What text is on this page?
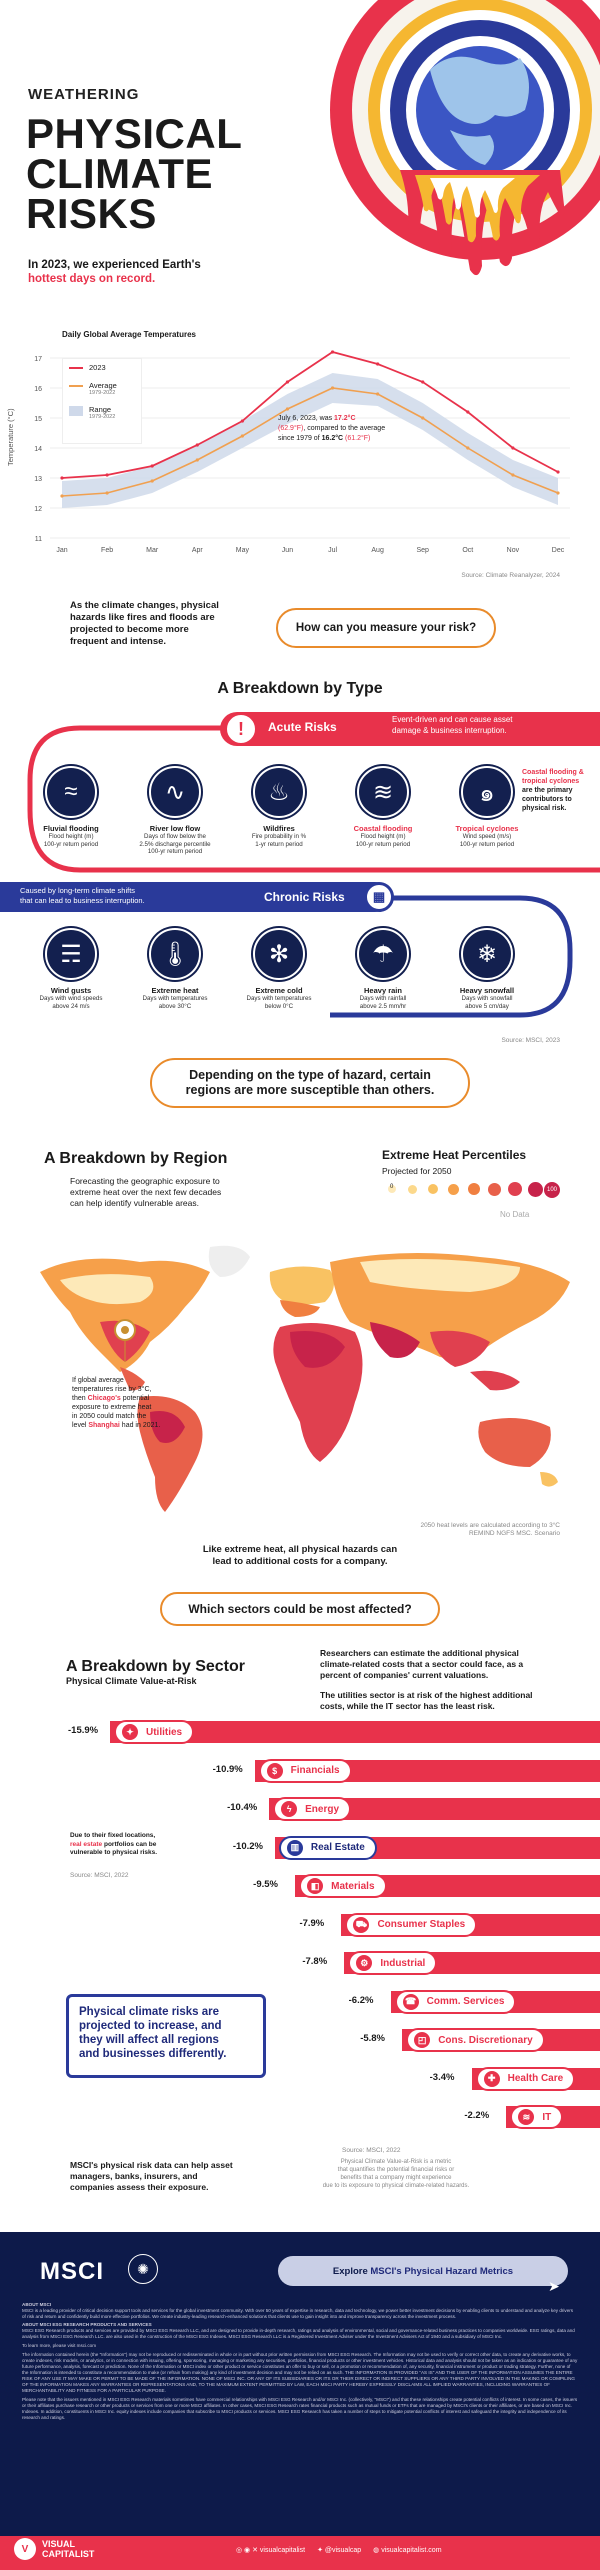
WEATHERING
PHYSICAL
CLIMATE
RISKS
In 2023, we experienced Earth's
hottest days on record.
Daily Global Average Temperatures
Temperature (°C)
11
12
13
14
15
16
17
Jan	Feb	Mar	Apr	May	Jun	Jul	Aug	Sep	Oct	Nov	Dec
2023
Average
1979-2022
Range
1979-2022	July 6, 2023, was 17.2°C
(62.9°F), compared to the average
since 1979 of 16.2°C (61.2°F)
Source: Climate Reanalyzer, 2024
As the climate changes, physical
hazards like fires and floods are
projected to become more
frequent and intense.
How can you measure your risk?
A Breakdown by Type
!	Acute Risks
Event-driven and can cause asset
damage & business interruption.
Coastal flooding &
tropical cyclones
are the primary
contributors to
physical risk.
≈
Fluvial flooding
Flood height (m)
100-yr return period
∿
River low flow
Days of flow below the
2.5% discharge percentile
100-yr return period
♨
Wildfires
Fire probability in %
1-yr return period
≋
Coastal flooding
Flood height (m)
100-yr return period
๑
Tropical cyclones
Wind speed (m/s)
100-yr return period
Caused by long-term climate shifts
that can lead to business interruption.	Chronic Risks	▦
☴
Wind gusts
Days with wind speeds
above 24 m/s
🌡
Extreme heat
Days with temperatures
above 30°C
✻
Extreme cold
Days with temperatures
below 0°C
☂
Heavy rain
Days with rainfall
above 2.5 mm/hr
❄
Heavy snowfall
Days with snowfall
above 5 cm/day
Source: MSCI, 2023
Depending on the type of hazard, certain
regions are more susceptible than others.
A Breakdown by Region
Forecasting the geographic exposure to
extreme heat over the next few decades
can help identify vulnerable areas.
Extreme Heat Percentiles
Projected for 2050
0	100
No Data
If global average
temperatures rise by 3°C,
then Chicago's potential
exposure to extreme heat
in 2050 could match the
level Shanghai had in 2021.
2050 heat levels are calculated according to 3°C
REMIND NGFS MSC. Scenario
Like extreme heat, all physical hazards can
lead to additional costs for a company.
Which sectors could be most affected?
A Breakdown by Sector
Physical Climate Value-at-Risk
Researchers can estimate the additional physical
climate-related costs that a sector could face, as a
percent of companies' current valuations.
The utilities sector is at risk of the highest additional
costs, while the IT sector has the least risk.
✦	Utilities
-15.9%
$	Financials
-10.9%
ϟ	Energy
-10.4%
▥	Real Estate
-10.2%
◧	Materials
-9.5%
⛟ Consumer Staples
-7.9%
⚙	Industrial
-7.8%
☎ Comm. Services
-6.2%
◰	Cons. Discretionary
-5.8%
✚	Health Care
-3.4%
≋	IT
-2.2%
Due to their fixed locations,
real estate portfolios can be
vulnerable to physical risks.
Source: MSCI, 2022
Physical climate risks are
projected to increase, and
they will affect all regions
and businesses differently.
Source: MSCI, 2022
Physical Climate Value-at-Risk is a metric
that quantifies the potential financial risks or
benefits that a company might experience
due to its exposure to physical climate-related hazards.
MSCI's physical risk data can help asset
managers, banks, insurers, and
companies assess their exposure.
MSCI	✺	Explore
MSCI's Physical Hazard Metrics
➤
ABOUT MSCI
MSCI is a leading provider of critical decision support tools and services for the global investment community. With over 50 years of expertise in research, data and technology, we power better investment decisions by enabling clients to understand and analyze key drivers of risk and return and confidently build more effective portfolios. We create industry-leading research-enhanced solutions that clients use to gain insight into and improve transparency across the investment process.
ABOUT MSCI ESG RESEARCH PRODUCTS AND SERVICES
MSCI ESG Research products and services are provided by MSCI ESG Research LLC, and are designed to provide in-depth research, ratings and analysis of environmental, social and governance-related business practices to companies worldwide. ESG ratings, data and analysis from MSCI ESG Research LLC. are also used in the construction of the MSCI ESG Indexes. MSCI ESG Research LLC is a Registered Investment Adviser under the Investment Advisers Act of 1940 and a subsidiary of MSCI Inc.
To learn more, please visit msci.com
The information contained herein (the "Information") may not be reproduced or redisseminated in whole or in part without prior written permission from MSCI ESG Research. The Information may not be used to verify or correct other data, to create any derivative works, to create indexes, risk models, or analytics, or in connection with issuing, offering, sponsoring, managing or marketing any securities, portfolios, financial products or other investment vehicles. Historical data and analysis should not be taken as an indication or guarantee of any future performance, analysis, forecast or prediction. None of the Information or MSCI index or other product or service constitutes an offer to buy or sell, or a promotion or recommendation of, any security, financial instrument or product or trading strategy. Further, none of the Information is intended to constitute a recommendation to make (or refrain from making) any kind of investment decision and may not be relied on as such. THE INFORMATION IS PROVIDED "AS IS" AND THE USER OF THE INFORMATION ASSUMES THE ENTIRE RISK OF ANY USE IT MAY MAKE OR PERMIT TO BE MADE OF THE INFORMATION. NONE OF MSCI INC. OR ANY OF ITS SUBSIDIARIES OR ITS OR THEIR DIRECT OR INDIRECT SUPPLIERS OR ANY THIRD PARTY INVOLVED IN THE MAKING OR COMPILING OF THE INFORMATION MAKES ANY WARRANTIES OR REPRESENTATIONS AND, TO THE MAXIMUM EXTENT PERMITTED BY LAW, EACH MSCI PARTY HEREBY EXPRESSLY DISCLAIMS ALL IMPLIED WARRANTIES, INCLUDING WARRANTIES OF MERCHANTABILITY AND FITNESS FOR A PARTICULAR PURPOSE.
Please note that the issuers mentioned in MSCI ESG Research materials sometimes have commercial relationships with MSCI ESG Research and/or MSCI Inc. (collectively, "MSCI") and that these relationships create potential conflicts of interest. In some cases, the issuers or their affiliates purchase research or other products or services from one or more MSCI affiliates. In other cases, MSCI ESG Research rates financial products such as mutual funds or ETFs that are managed by MSCI's clients or their affiliates, or are based on MSCI Inc. Indexes. In addition, constituents in MSCI Inc. equity indexes include companies that subscribe to MSCI products or services. MSCI ESG Research has taken a number of steps to mitigate potential conflicts of interest and safeguard the integrity and independence of its research and ratings.
V	VISUAL
CAPITALIST	◎ ◉ ✕ visualcapitalist ✦ @visualcap ◍ visualcapitalist.com
